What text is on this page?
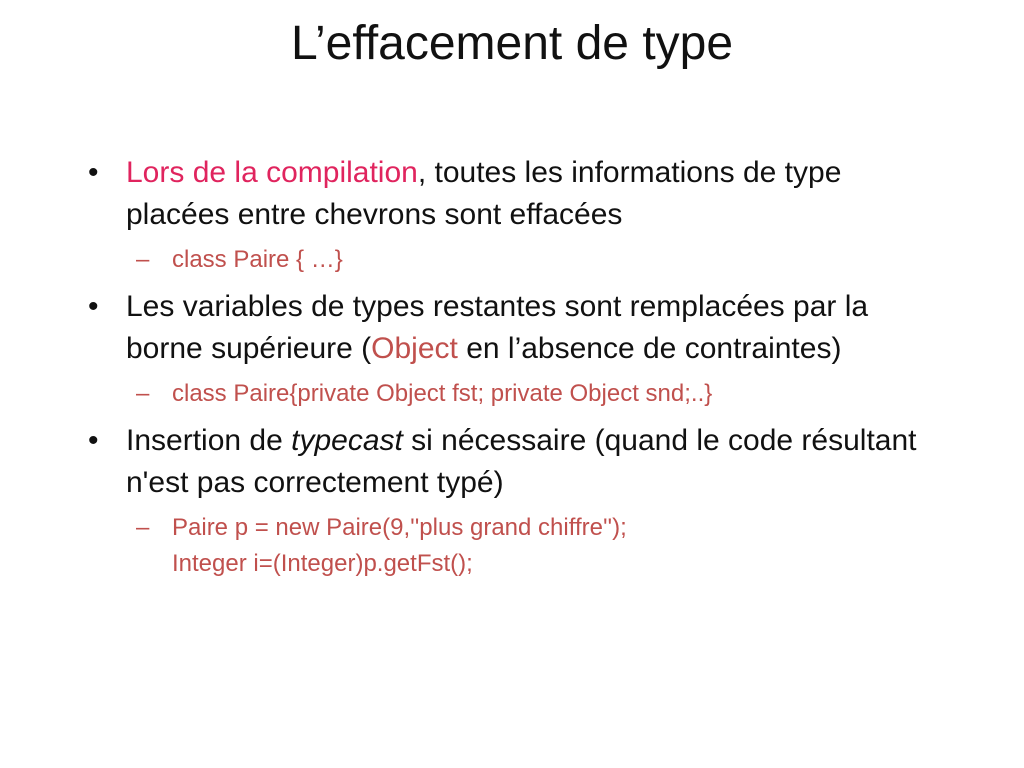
L’effacement de type
• Lors de la compilation, toutes les informations de type placées entre chevrons sont effacées
– class Paire { …}
• Les variables de types restantes sont remplacées par la borne supérieure (Object en l’absence de contraintes)
– class Paire{private Object fst; private Object snd;..}
• Insertion de typecast si nécessaire (quand le code résultant n'est pas correctement typé)
– Paire p = new Paire(9,''plus grand chiffre'');
Integer i=(Integer)p.getFst();
